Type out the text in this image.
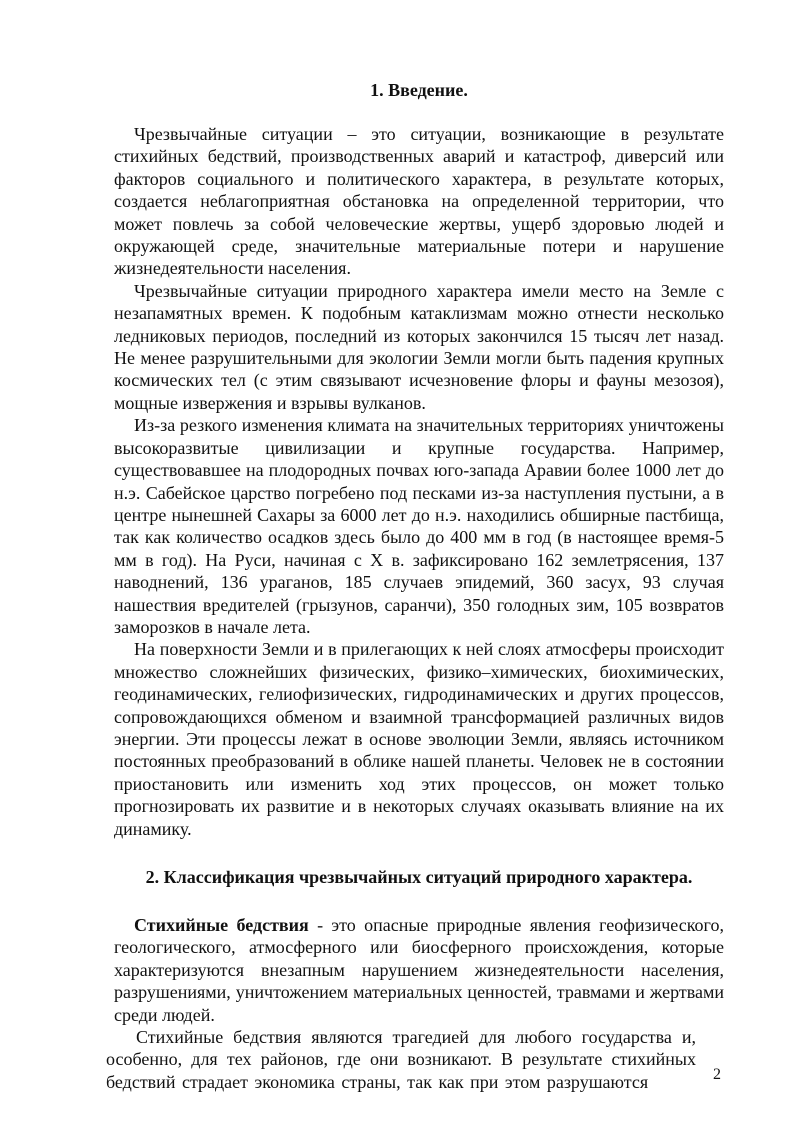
1. Введение.

Чрезвычайные ситуации – это ситуации, возникающие в результате стихийных бедствий, производственных аварий и катастроф, диверсий или факторов социального и политического характера, в результате которых, создается неблагоприятная обстановка на определенной территории, что может повлечь за собой человеческие жертвы, ущерб здоровью людей и окружающей среде, значительные материальные потери и нарушение жизнедеятельности населения.

Чрезвычайные ситуации природного характера имели место на Земле с незапамятных времен. К подобным катаклизмам можно отнести несколько ледниковых периодов, последний из которых закончился 15 тысяч лет назад. Не менее разрушительными для экологии Земли могли быть падения крупных космических тел (с этим связывают исчезновение флоры и фауны мезозоя), мощные извержения и взрывы вулканов.

Из-за резкого изменения климата на значительных территориях уничтожены высокоразвитые цивилизации и крупные государства. Например, существовавшее на плодородных почвах юго-запада Аравии более 1000 лет до н.э. Сабейское царство погребено под песками из-за наступления пустыни, а в центре нынешней Сахары за 6000 лет до н.э. находились обширные пастбища, так как количество осадков здесь было до 400 мм в год (в настоящее время-5 мм в год). На Руси, начиная с X в. зафиксировано 162 землетрясения, 137 наводнений, 136 ураганов, 185 случаев эпидемий, 360 засух, 93 случая нашествия вредителей (грызунов, саранчи), 350 голодных зим, 105 возвратов заморозков в начале лета.

На поверхности Земли и в прилегающих к ней слоях атмосферы происходит множество сложнейших физических, физико–химических, биохимических, геодинамических, гелиофизических, гидродинамических и других процессов, сопровождающихся обменом и взаимной трансформацией различных видов энергии. Эти процессы лежат в основе эволюции Земли, являясь источником постоянных преобразований в облике нашей планеты. Человек не в состоянии приостановить или изменить ход этих процессов, он может только прогнозировать их развитие и в некоторых случаях оказывать влияние на их динамику.

2. Классификация чрезвычайных ситуаций природного характера.

Стихийные бедствия - это опасные природные явления геофизического, геологического, атмосферного или биосферного происхождения, которые характеризуются внезапным нарушением жизнедеятельности населения, разрушениями, уничтожением материальных ценностей, травмами и жертвами среди людей.

Стихийные бедствия являются трагедией для любого государства и, особенно, для тех районов, где они возникают. В результате стихийных бедствий страдает экономика страны, так как при этом разрушаются	2
